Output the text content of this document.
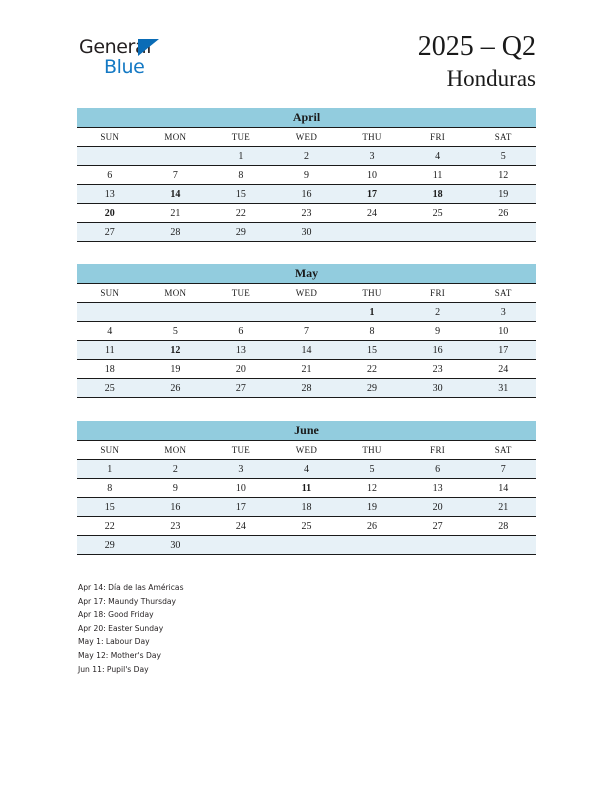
General
Blue
2025 – Q2
Honduras
April
SUN	MON	TUE	WED	THU	FRI	SAT
		1	2	3	4	5
6	7	8	9	10	11	12
13	14	15	16	17	18	19
20	21	22	23	24	25	26
27	28	29	30			
May
SUN	MON	TUE	WED	THU	FRI	SAT
				1	2	3
4	5	6	7	8	9	10
11	12	13	14	15	16	17
18	19	20	21	22	23	24
25	26	27	28	29	30	31
June
SUN	MON	TUE	WED	THU	FRI	SAT
1	2	3	4	5	6	7
8	9	10	11	12	13	14
15	16	17	18	19	20	21
22	23	24	25	26	27	28
29	30					
Apr 14: Día de las Américas
Apr 17: Maundy Thursday
Apr 18: Good Friday
Apr 20: Easter Sunday
May 1: Labour Day
May 12: Mother's Day
Jun 11: Pupil's Day
